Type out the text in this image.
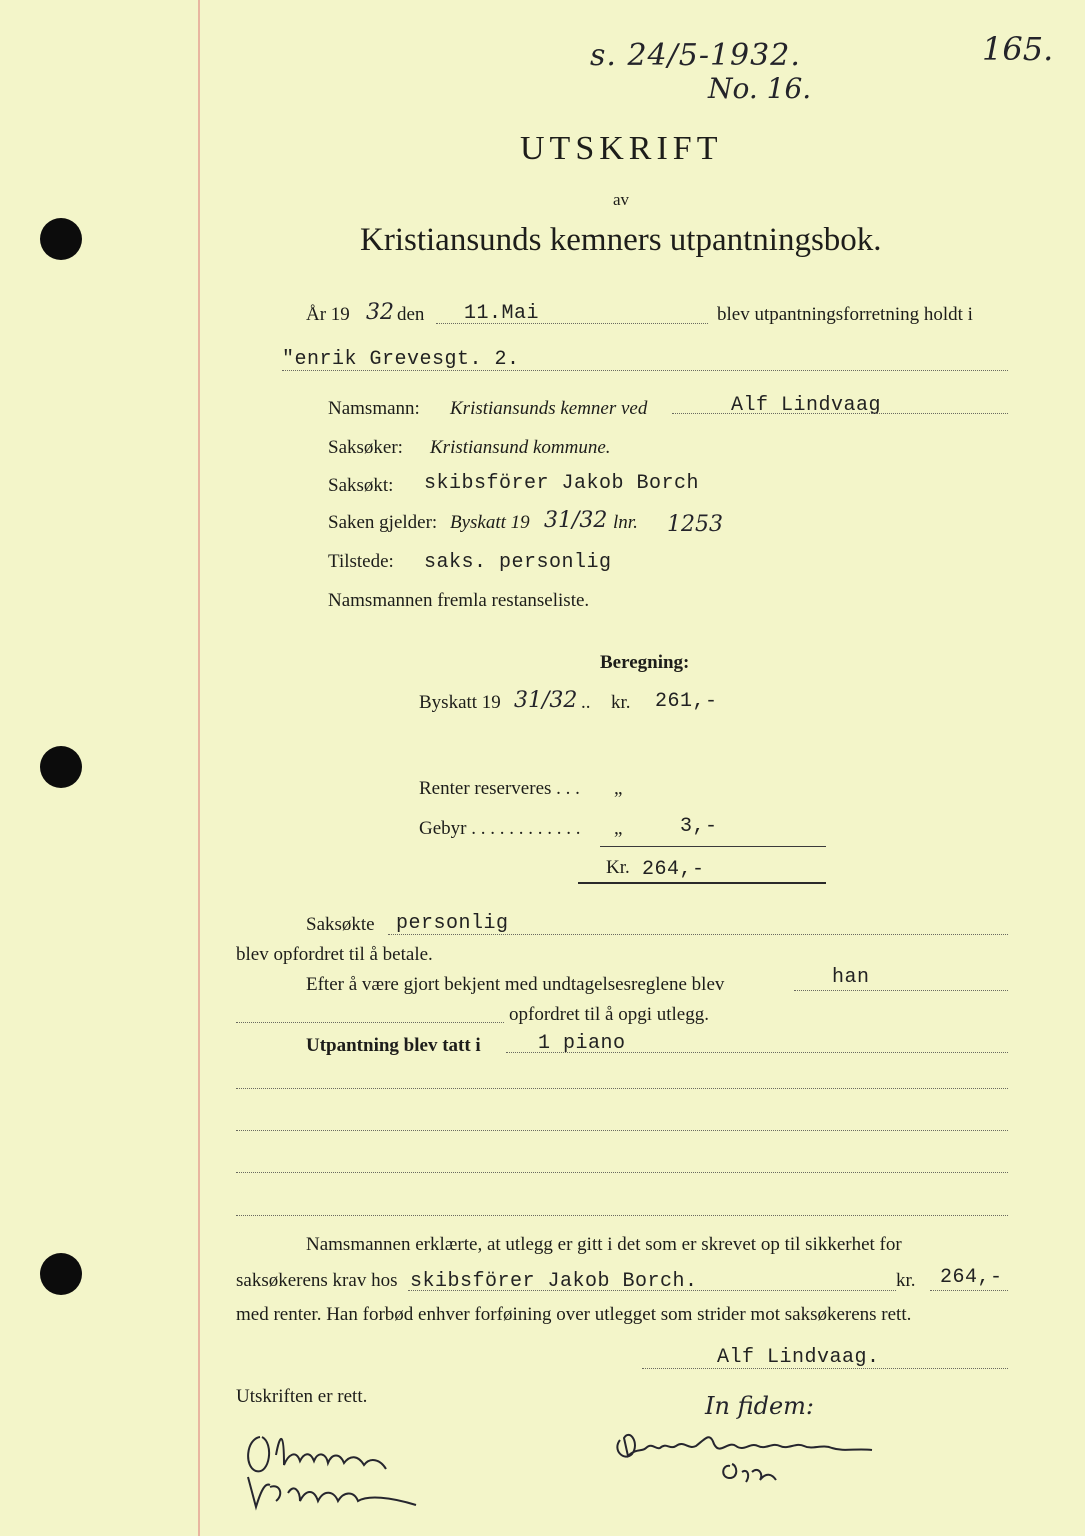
s. 24/5-1932.
No. 16.
165.
UTSKRIFT
av
Kristiansunds kemners utpantningsbok.
År 19 32 den 11.Mai	blev utpantningsforretning holdt i
"enrik Grevesgt. 2.
Namsmann: Kristiansunds kemner ved	Alf Lindvaag
Saksøker: Kristiansund kommune.
Saksøkt: skibsförer Jakob Borch
Saken gjelder: Byskatt 19 31/32 lnr. 1253
Tilstede: saks. personlig
Namsmannen fremla restanseliste.
Beregning:
Byskatt 19 31/32 .. kr. 261,-
Renter reserveres . . . „
Gebyr . . . . . . . . . . . . „	3,-
Kr. 264,-
Saksøkte personlig
blev opfordret til å betale.
Efter å være gjort bekjent med undtagelsesreglene blev	han
opfordret til å opgi utlegg.
Utpantning blev tatt i	1 piano
Namsmannen erklærte, at utlegg er gitt i det som er skrevet op til sikkerhet for
saksøkerens krav hos skibsförer Jakob Borch.	kr. 264,-
med renter. Han forbød enhver forføining over utlegget som strider mot saksøkerens rett.
Alf Lindvaag.
Utskriften er rett.	In fidem:
